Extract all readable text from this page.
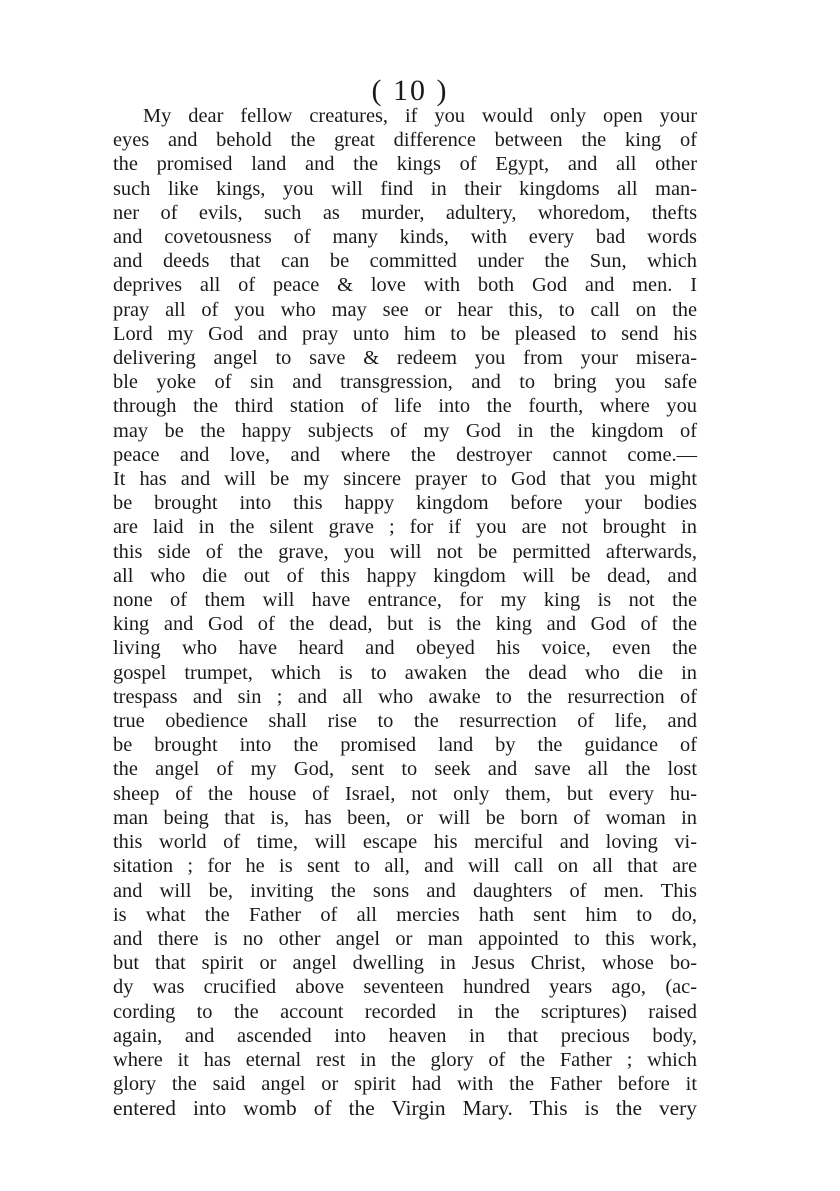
( 10 )
My dear fellow creatures, if you would only open your
eyes and behold the great difference between the king of
the promised land and the kings of Egypt, and all other
such like kings, you will find in their kingdoms all man-
ner of evils, such as murder, adultery, whoredom, thefts
and covetousness of many kinds, with every bad words
and deeds that can be committed under the Sun, which
deprives all of peace & love with both God and men. I
pray all of you who may see or hear this, to call on the
Lord my God and pray unto him to be pleased to send his
delivering angel to save & redeem you from your misera-
ble yoke of sin and transgression, and to bring you safe
through the third station of life into the fourth, where you
may be the happy subjects of my God in the kingdom of
peace and love, and where the destroyer cannot come.—
It has and will be my sincere prayer to God that you might
be brought into this happy kingdom before your bodies
are laid in the silent grave ; for if you are not brought in
this side of the grave, you will not be permitted afterwards,
all who die out of this happy kingdom will be dead, and
none of them will have entrance, for my king is not the
king and God of the dead, but is the king and God of the
living who have heard and obeyed his voice, even the
gospel trumpet, which is to awaken the dead who die in
trespass and sin ; and all who awake to the resurrection of
true obedience shall rise to the resurrection of life, and
be brought into the promised land by the guidance of
the angel of my God, sent to seek and save all the lost
sheep of the house of Israel, not only them, but every hu-
man being that is, has been, or will be born of woman in
this world of time, will escape his merciful and loving vi-
sitation ; for he is sent to all, and will call on all that are
and will be, inviting the sons and daughters of men. This
is what the Father of all mercies hath sent him to do,
and there is no other angel or man appointed to this work,
but that spirit or angel dwelling in Jesus Christ, whose bo-
dy was crucified above seventeen hundred years ago, (ac-
cording to the account recorded in the scriptures) raised
again, and ascended into heaven in that precious body,
where it has eternal rest in the glory of the Father ; which
glory the said angel or spirit had with the Father before it
entered into womb of the Virgin Mary. This is the very
